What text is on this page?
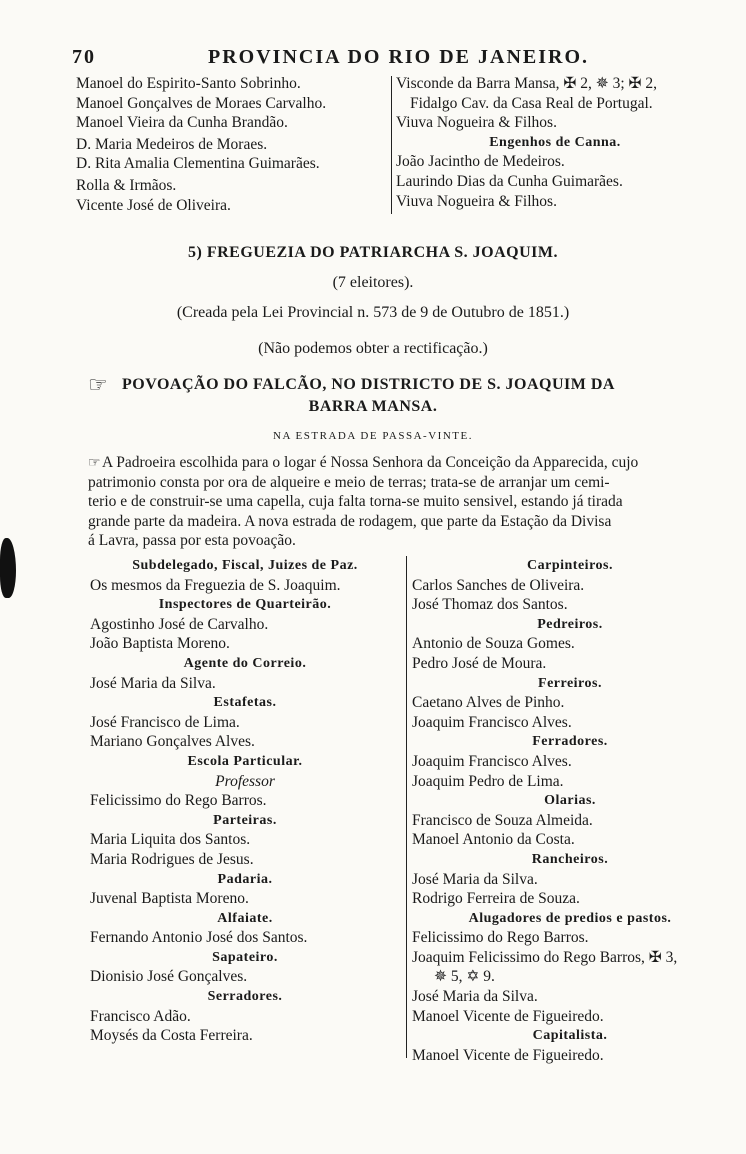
70	PROVINCIA DO RIO DE JANEIRO.
Manoel do Espirito-Santo Sobrinho.
Manoel Gonçalves de Moraes Carvalho.
Manoel Vieira da Cunha Brandão.
D. Maria Medeiros de Moraes.
D. Rita Amalia Clementina Guimarães.
Rolla & Irmãos.
Vicente José de Oliveira.
Visconde da Barra Mansa, ✠ 2, ✵ 3; ✠ 2,
Fidalgo Cav. da Casa Real de Portugal.
Viuva Nogueira & Filhos.
Engenhos de Canna.
João Jacintho de Medeiros.
Laurindo Dias da Cunha Guimarães.
Viuva Nogueira & Filhos.
5) FREGUEZIA DO PATRIARCHA S. JOAQUIM.
(7 eleitores).
(Creada pela Lei Provincial n. 573 de 9 de Outubro de 1851.)
(Não podemos obter a rectificação.)
☞ POVOAÇÃO DO FALCÃO, NO DISTRICTO DE S. JOAQUIM DA
BARRA MANSA.
NA ESTRADA DE PASSA-VINTE.
☞ A Padroeira escolhida para o logar é Nossa Senhora da Conceição da Apparecida, cujo
patrimonio consta por ora de alqueire e meio de terras; trata-se de arranjar um cemi-
terio e de construir-se uma capella, cuja falta torna-se muito sensivel, estando já tirada
grande parte da madeira. A nova estrada de rodagem, que parte da Estação da Divisa
á Lavra, passa por esta povoação.
Subdelegado, Fiscal, Juizes de Paz.
Os mesmos da Freguezia de S. Joaquim.
Inspectores de Quarteirão.
Agostinho José de Carvalho.
João Baptista Moreno.
Agente do Correio.
José Maria da Silva.
Estafetas.
José Francisco de Lima.
Mariano Gonçalves Alves.
Escola Particular.
Professor
Felicissimo do Rego Barros.
Parteiras.
Maria Liquita dos Santos.
Maria Rodrigues de Jesus.
Padaria.
Juvenal Baptista Moreno.
Alfaiate.
Fernando Antonio José dos Santos.
Sapateiro.
Dionisio José Gonçalves.
Serradores.
Francisco Adão.
Moysés da Costa Ferreira.
Carpinteiros.
Carlos Sanches de Oliveira.
José Thomaz dos Santos.
Pedreiros.
Antonio de Souza Gomes.
Pedro José de Moura.
Ferreiros.
Caetano Alves de Pinho.
Joaquim Francisco Alves.
Ferradores.
Joaquim Francisco Alves.
Joaquim Pedro de Lima.
Olarias.
Francisco de Souza Almeida.
Manoel Antonio da Costa.
Rancheiros.
José Maria da Silva.
Rodrigo Ferreira de Souza.
Alugadores de predios e pastos.
Felicissimo do Rego Barros.
Joaquim Felicissimo do Rego Barros, ✠ 3,
✵ 5, ✡ 9.
José Maria da Silva.
Manoel Vicente de Figueiredo.
Capitalista.
Manoel Vicente de Figueiredo.
